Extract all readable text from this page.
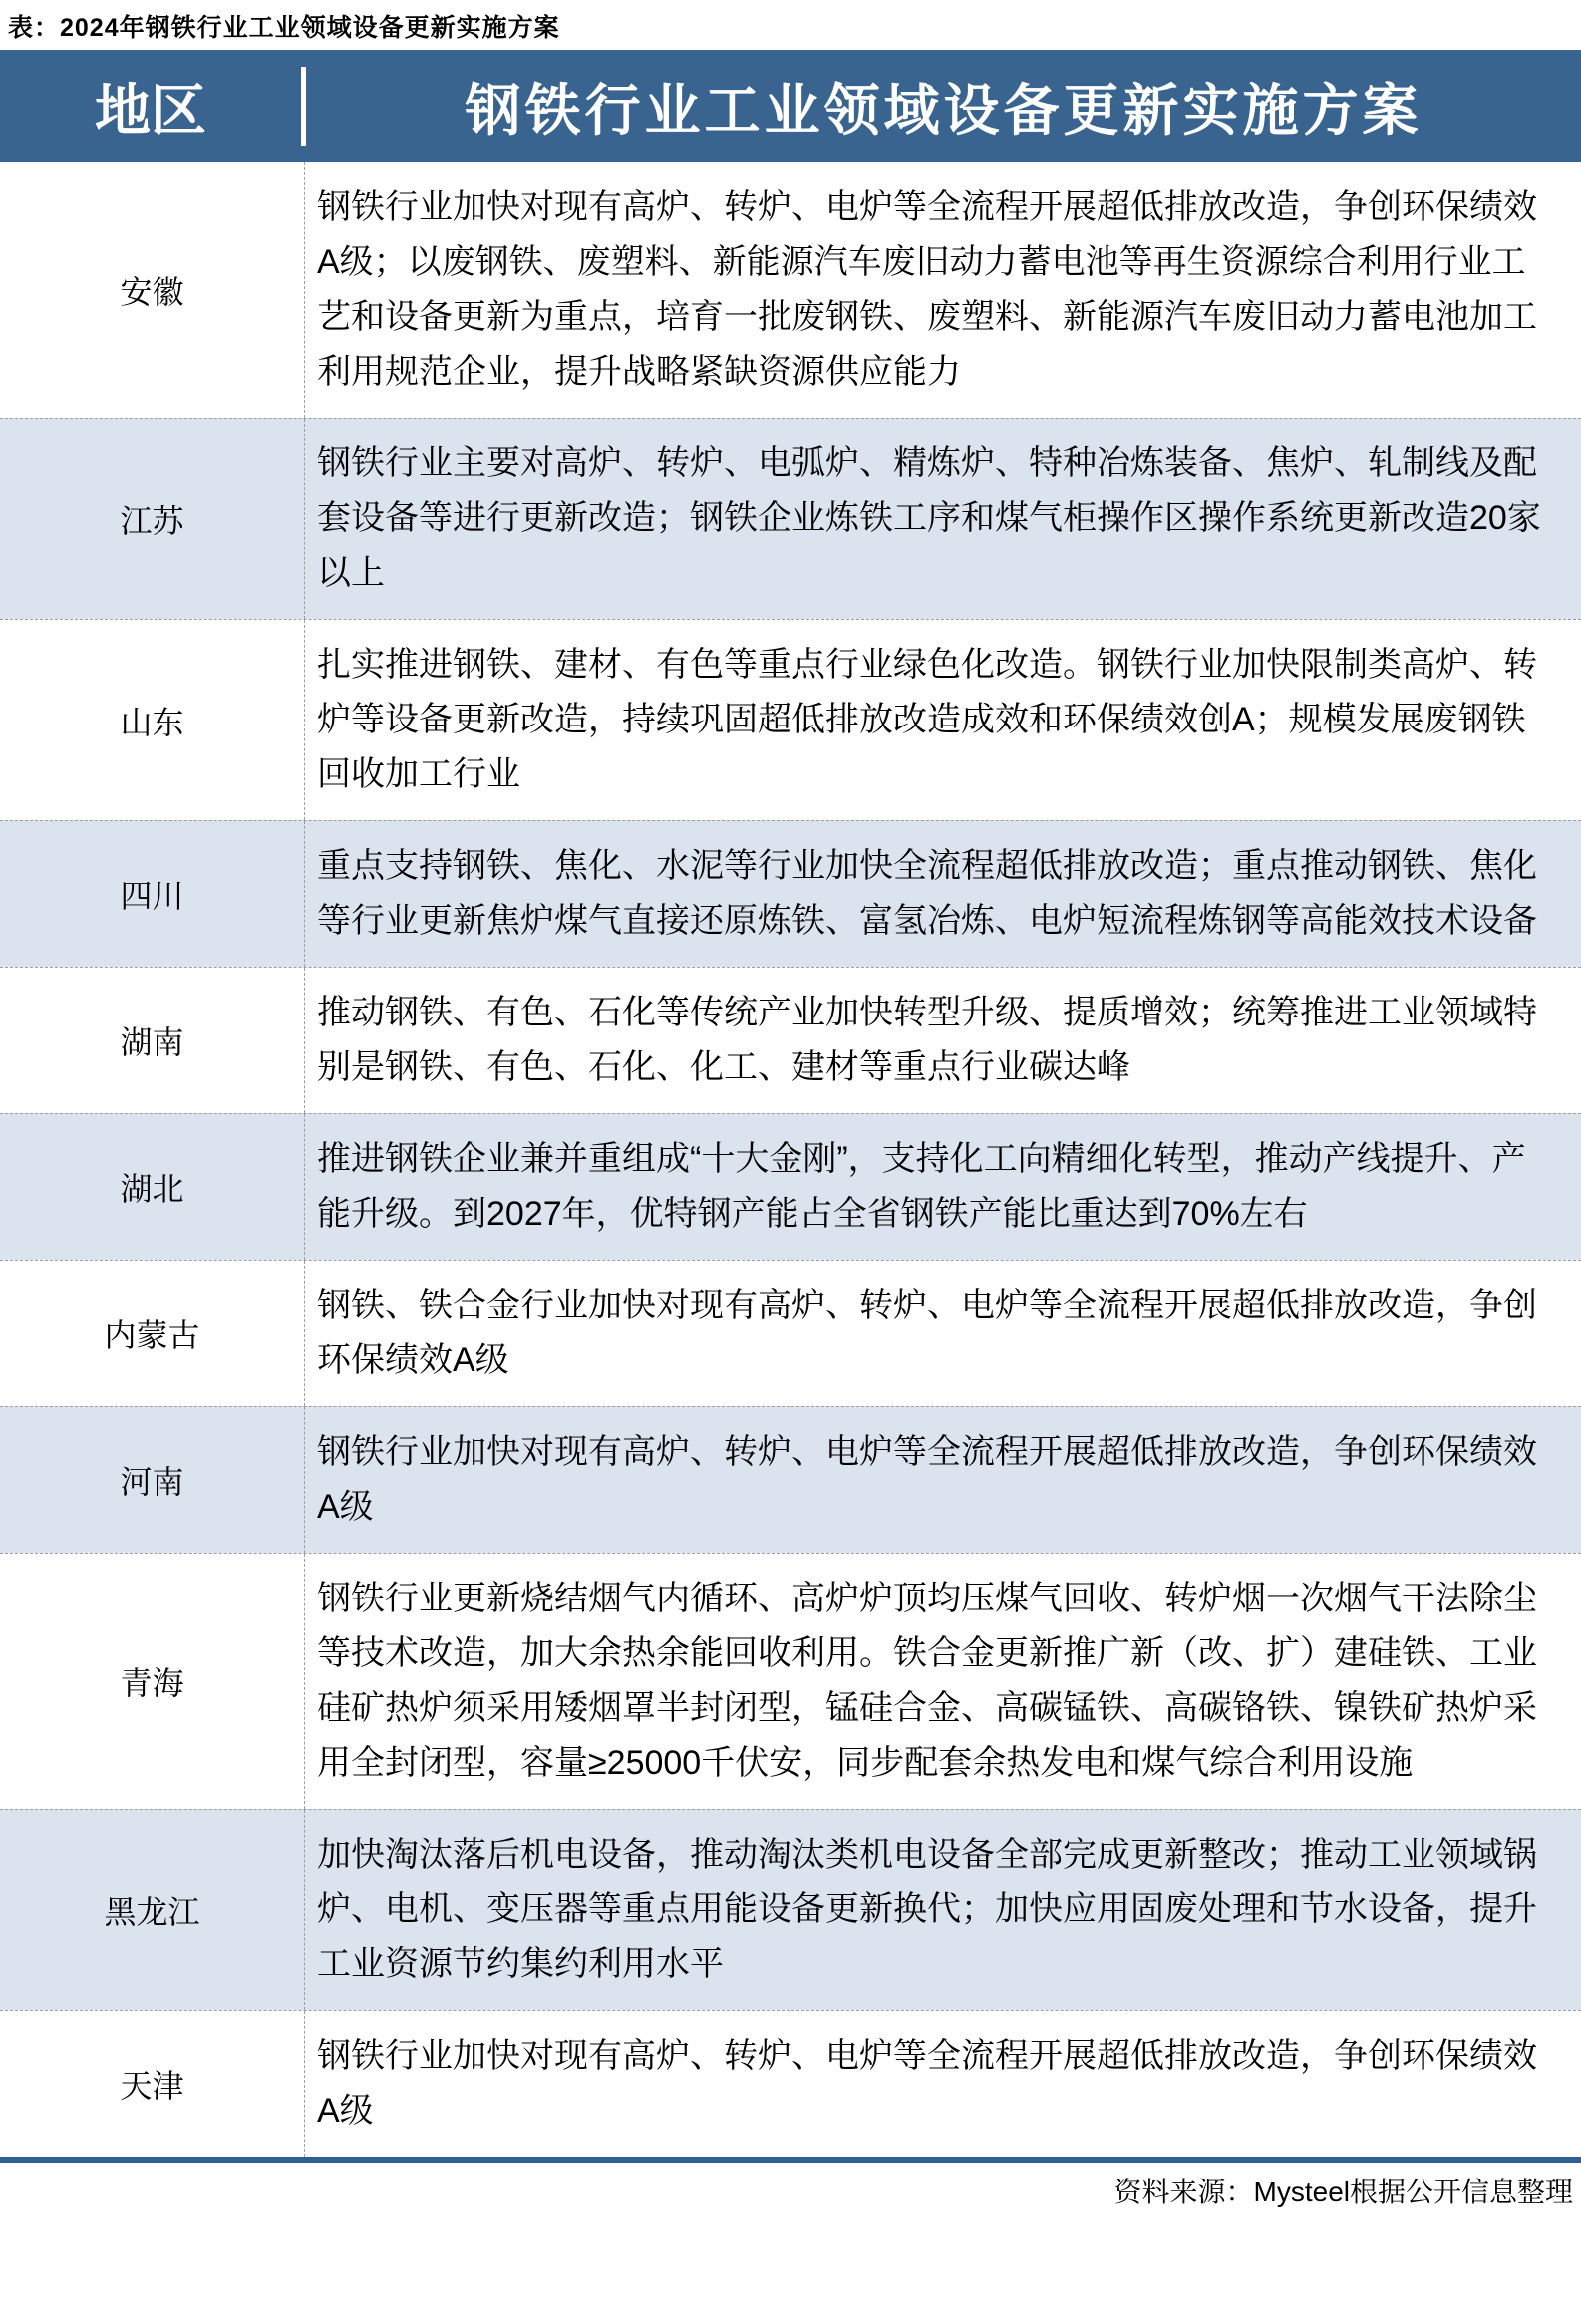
表：2024年钢铁行业工业领域设备更新实施方案
地区	钢铁行业工业领域设备更新实施方案
安徽
钢铁行业加快对现有高炉、转炉、电炉等全流程开展超低排放改造，争创环保绩效A级；以废钢铁、废塑料、新能源汽车废旧动力蓄电池等再生资源综合利用行业工艺和设备更新为重点，培育一批废钢铁、废塑料、新能源汽车废旧动力蓄电池加工利用规范企业，提升战略紧缺资源供应能力
江苏
钢铁行业主要对高炉、转炉、电弧炉、精炼炉、特种冶炼装备、焦炉、轧制线及配套设备等进行更新改造；钢铁企业炼铁工序和煤气柜操作区操作系统更新改造20家以上
山东
扎实推进钢铁、建材、有色等重点行业绿色化改造。钢铁行业加快限制类高炉、转炉等设备更新改造，持续巩固超低排放改造成效和环保绩效创A；规模发展废钢铁回收加工行业
四川
重点支持钢铁、焦化、水泥等行业加快全流程超低排放改造；重点推动钢铁、焦化等行业更新焦炉煤气直接还原炼铁、富氢冶炼、电炉短流程炼钢等高能效技术设备
湖南
推动钢铁、有色、石化等传统产业加快转型升级、提质增效；统筹推进工业领域特别是钢铁、有色、石化、化工、建材等重点行业碳达峰
湖北
推进钢铁企业兼并重组成“十大金刚”，支持化工向精细化转型，推动产线提升、产能升级。到2027年，优特钢产能占全省钢铁产能比重达到70%左右
内蒙古
钢铁、铁合金行业加快对现有高炉、转炉、电炉等全流程开展超低排放改造，争创环保绩效A级
河南
钢铁行业加快对现有高炉、转炉、电炉等全流程开展超低排放改造，争创环保绩效A级
青海
钢铁行业更新烧结烟气内循环、高炉炉顶均压煤气回收、转炉烟一次烟气干法除尘等技术改造，加大余热余能回收利用。铁合金更新推广新（改、扩）建硅铁、工业硅矿热炉须采用矮烟罩半封闭型，锰硅合金、高碳锰铁、高碳铬铁、镍铁矿热炉采用全封闭型，容量≥25000千伏安，同步配套余热发电和煤气综合利用设施
黑龙江
加快淘汰落后机电设备，推动淘汰类机电设备全部完成更新整改；推动工业领域锅炉、电机、变压器等重点用能设备更新换代；加快应用固废处理和节水设备，提升工业资源节约集约利用水平
天津
钢铁行业加快对现有高炉、转炉、电炉等全流程开展超低排放改造，争创环保绩效A级
资料来源：Mysteel根据公开信息整理
